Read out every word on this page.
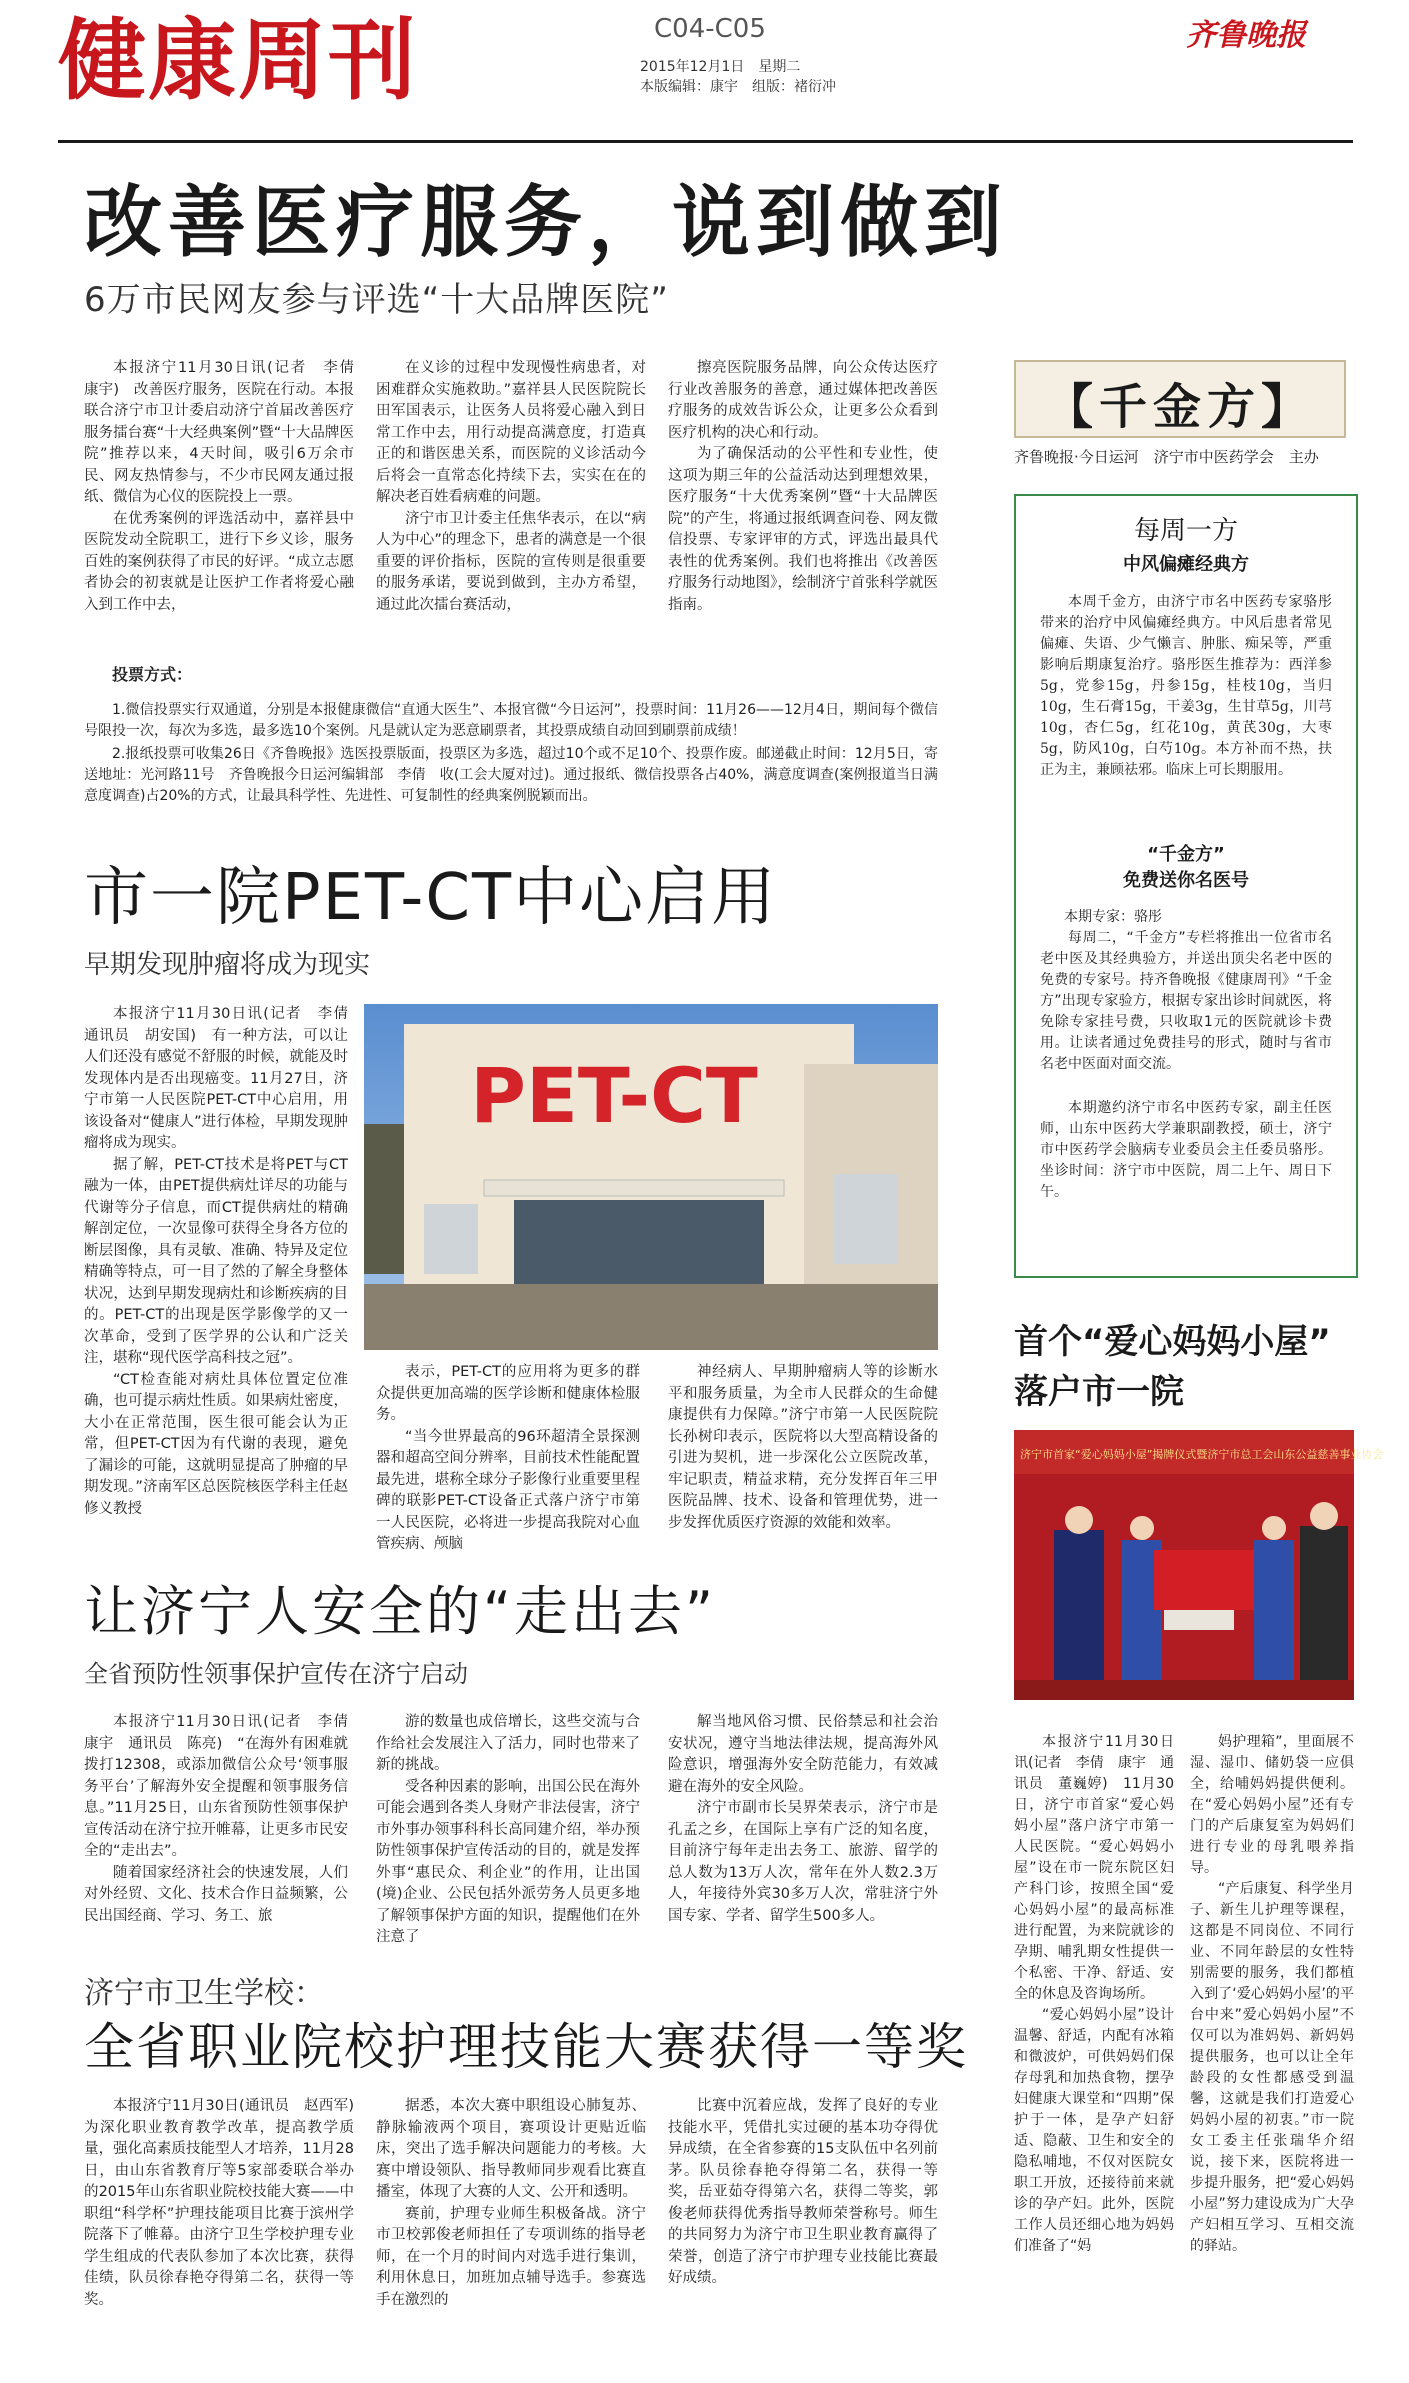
健康周刊	C04-C05
2015年12月1日　星期二
本版编辑：康宇　组版：褚衍冲
齐鲁晚报
改善医疗服务，说到做到
6万市民网友参与评选“十大品牌医院”

本报济宁11月30日讯(记者　李倩　康宇)　改善医疗服务，医院在行动。本报联合济宁市卫计委启动济宁首届改善医疗服务擂台赛“十大经典案例”暨“十大品牌医院”推荐以来，4天时间，吸引6万余市民、网友热情参与，不少市民网友通过报纸、微信为心仪的医院投上一票。

在优秀案例的评选活动中，嘉祥县中医院发动全院职工，进行下乡义诊，服务百姓的案例获得了市民的好评。“成立志愿者协会的初衷就是让医护工作者将爱心融入到工作中去，

在义诊的过程中发现慢性病患者，对困难群众实施救助。”嘉祥县人民医院院长田军国表示，让医务人员将爱心融入到日常工作中去，用行动提高满意度，打造真正的和谐医患关系，而医院的义诊活动今后将会一直常态化持续下去，实实在在的解决老百姓看病难的问题。

济宁市卫计委主任焦华表示，在以“病人为中心”的理念下，患者的满意是一个很重要的评价指标，医院的宣传则是很重要的服务承诺，要说到做到，主办方希望，通过此次擂台赛活动，

擦亮医院服务品牌，向公众传达医疗行业改善服务的善意，通过媒体把改善医疗服务的成效告诉公众，让更多公众看到医疗机构的决心和行动。

为了确保活动的公平性和专业性，使这项为期三年的公益活动达到理想效果，医疗服务“十大优秀案例”暨“十大品牌医院”的产生，将通过报纸调查问卷、网友微信投票、专家评审的方式，评选出最具代表性的优秀案例。我们也将推出《改善医疗服务行动地图》，绘制济宁首张科学就医指南。

投票方式：
1.微信投票实行双通道，分别是本报健康微信“直通大医生”、本报官微“今日运河”，投票时间：11月26——12月4日，期间每个微信号限投一次，每次为多选，最多选10个案例。凡是就认定为恶意刷票者，其投票成绩自动回到刷票前成绩！
2.报纸投票可收集26日《齐鲁晚报》选医投票版面，投票区为多选，超过10个或不足10个、投票作废。邮递截止时间：12月5日，寄送地址：光河路11号　齐鲁晚报今日运河编辑部　李倩　收(工会大厦对过)。通过报纸、微信投票各占40%，满意度调查(案例报道当日满意度调查)占20%的方式，让最具科学性、先进性、可复制性的经典案例脱颖而出。
【千金方】
齐鲁晚报·今日运河　济宁市中医药学会　主办
每周一方
中风偏瘫经典方
本周千金方，由济宁市名中医药专家骆彤带来的治疗中风偏瘫经典方。中风后患者常见偏瘫、失语、少气懒言、肿胀、痴呆等，严重影响后期康复治疗。骆彤医生推荐为：西洋参5g，党参15g，丹参15g，桂枝10g，当归10g，生石膏15g，干姜3g，生甘草5g，川芎10g，杏仁5g，红花10g，黄芪30g，大枣5g，防风10g，白芍10g。本方补而不热，扶正为主，兼顾祛邪。临床上可长期服用。
“千金方”
免费送你名医号
本期专家：骆彤
每周二，“千金方”专栏将推出一位省市名老中医及其经典验方，并送出顶尖名老中医的免费的专家号。持齐鲁晚报《健康周刊》“千金方”出现专家验方，根据专家出诊时间就医，将免除专家挂号费，只收取1元的医院就诊卡费用。让读者通过免费挂号的形式，随时与省市名老中医面对面交流。
本期邀约济宁市名中医药专家，副主任医师，山东中医药大学兼职副教授，硕士，济宁市中医药学会脑病专业委员会主任委员骆彤。坐诊时间：济宁市中医院，周二上午、周日下午。
市一院PET-CT中心启用
早期发现肿瘤将成为现实

本报济宁11月30日讯(记者　李倩　通讯员　胡安国)　有一种方法，可以让人们还没有感觉不舒服的时候，就能及时发现体内是否出现癌变。11月27日，济宁市第一人民医院PET-CT中心启用，用该设备对“健康人”进行体检，早期发现肿瘤将成为现实。

据了解，PET-CT技术是将PET与CT融为一体，由PET提供病灶详尽的功能与代谢等分子信息，而CT提供病灶的精确解剖定位，一次显像可获得全身各方位的断层图像，具有灵敏、准确、特异及定位精确等特点，可一目了然的了解全身整体状况，达到早期发现病灶和诊断疾病的目的。PET-CT的出现是医学影像学的又一次革命，受到了医学界的公认和广泛关注，堪称“现代医学高科技之冠”。

“CT检查能对病灶具体位置定位准确，也可提示病灶性质。如果病灶密度，大小在正常范围，医生很可能会认为正常，但PET-CT因为有代谢的表现，避免了漏诊的可能，这就明显提高了肿瘤的早期发现。”济南军区总医院核医学科主任赵修义教授

PET-CT

表示，PET-CT的应用将为更多的群众提供更加高端的医学诊断和健康体检服务。

“当今世界最高的96环超清全景探测器和超高空间分辨率，目前技术性能配置最先进，堪称全球分子影像行业重要里程碑的联影PET-CT设备正式落户济宁市第一人民医院，必将进一步提高我院对心血管疾病、颅脑

神经病人、早期肿瘤病人等的诊断水平和服务质量，为全市人民群众的生命健康提供有力保障。”济宁市第一人民医院院长孙树印表示，医院将以大型高精设备的引进为契机，进一步深化公立医院改革，牢记职责，精益求精，充分发挥百年三甲医院品牌、技术、设备和管理优势，进一步发挥优质医疗资源的效能和效率。

首个“爱心妈妈小屋”
落户市一院
济宁市首家“爱心妈妈小屋”揭牌仪式暨济宁市总工会山东公益慈善事业协会

本报济宁11月30日讯(记者　李倩　康宇　通讯员　董巍婷)　11月30日，济宁市首家“爱心妈妈小屋”落户济宁市第一人民医院。“爱心妈妈小屋”设在市一院东院区妇产科门诊，按照全国“爱心妈妈小屋”的最高标准进行配置，为来院就诊的孕期、哺乳期女性提供一个私密、干净、舒适、安全的休息及咨询场所。

“爱心妈妈小屋”设计温馨、舒适，内配有冰箱和微波炉，可供妈妈们保存母乳和加热食物，摆孕妇健康大课堂和“四期”保护于一体，是孕产妇舒适、隐蔽、卫生和安全的隐私哺地，不仅对医院女职工开放，还接待前来就诊的孕产妇。此外，医院工作人员还细心地为妈妈们准备了“妈

妈护理箱”，里面展不湿、湿巾、储奶袋一应俱全，给哺妈妈提供便利。在“爱心妈妈小屋”还有专门的产后康复室为妈妈们进行专业的母乳喂养指导。

“产后康复、科学坐月子、新生儿护理等课程，这都是不同岗位、不同行业、不同年龄层的女性特别需要的服务，我们都植入到了‘爱心妈妈小屋’的平台中来”爱心妈妈小屋”不仅可以为准妈妈、新妈妈提供服务，也可以让全年龄段的女性都感受到温馨，这就是我们打造爱心妈妈小屋的初衷。”市一院女工委主任张瑞华介绍说，接下来，医院将进一步提升服务，把“爱心妈妈小屋”努力建设成为广大孕产妇相互学习、互相交流的驿站。

让济宁人安全的“走出去”
全省预防性领事保护宣传在济宁启动

本报济宁11月30日讯(记者　李倩　康宇　通讯员　陈亮)　“在海外有困难就拨打12308，或添加微信公众号‘领事服务平台’了解海外安全提醒和领事服务信息。”11月25日，山东省预防性领事保护宣传活动在济宁拉开帷幕，让更多市民安全的“走出去”。

随着国家经济社会的快速发展，人们对外经贸、文化、技术合作日益频繁，公民出国经商、学习、务工、旅

游的数量也成倍增长，这些交流与合作给社会发展注入了活力，同时也带来了新的挑战。

受各种因素的影响，出国公民在海外可能会遇到各类人身财产非法侵害，济宁市外事办领事科科长高同建介绍，举办预防性领事保护宣传活动的目的，就是发挥外事“惠民众、利企业”的作用，让出国(境)企业、公民包括外派劳务人员更多地了解领事保护方面的知识，提醒他们在外注意了

解当地风俗习惯、民俗禁忌和社会治安状况，遵守当地法律法规，提高海外风险意识，增强海外安全防范能力，有效减避在海外的安全风险。

济宁市副市长吴界荣表示，济宁市是孔孟之乡，在国际上享有广泛的知名度，目前济宁每年走出去务工、旅游、留学的总人数为13万人次，常年在外人数2.3万人，年接待外宾30多万人次，常驻济宁外国专家、学者、留学生500多人。

济宁市卫生学校：
全省职业院校护理技能大赛获得一等奖

本报济宁11月30日(通讯员　赵西军)　为深化职业教育教学改革，提高教学质量，强化高素质技能型人才培养，11月28日，由山东省教育厅等5家部委联合举办的2015年山东省职业院校技能大赛——中职组“科学杯”护理技能项目比赛于滨州学院落下了帷幕。由济宁卫生学校护理专业学生组成的代表队参加了本次比赛，获得佳绩，队员徐春艳夺得第二名，获得一等奖。

据悉，本次大赛中职组设心肺复苏、静脉输液两个项目，赛项设计更贴近临床，突出了选手解决问题能力的考核。大赛中增设领队、指导教师同步观看比赛直播室，体现了大赛的人文、公开和透明。

赛前，护理专业师生积极备战。济宁市卫校郭俊老师担任了专项训练的指导老师，在一个月的时间内对选手进行集训，利用休息日，加班加点辅导选手。参赛选手在激烈的

比赛中沉着应战，发挥了良好的专业技能水平，凭借扎实过硬的基本功夺得优异成绩，在全省参赛的15支队伍中名列前茅。队员徐春艳夺得第二名，获得一等奖，岳亚茹夺得第六名，获得二等奖，郭俊老师获得优秀指导教师荣誉称号。师生的共同努力为济宁市卫生职业教育赢得了荣誉，创造了济宁市护理专业技能比赛最好成绩。
